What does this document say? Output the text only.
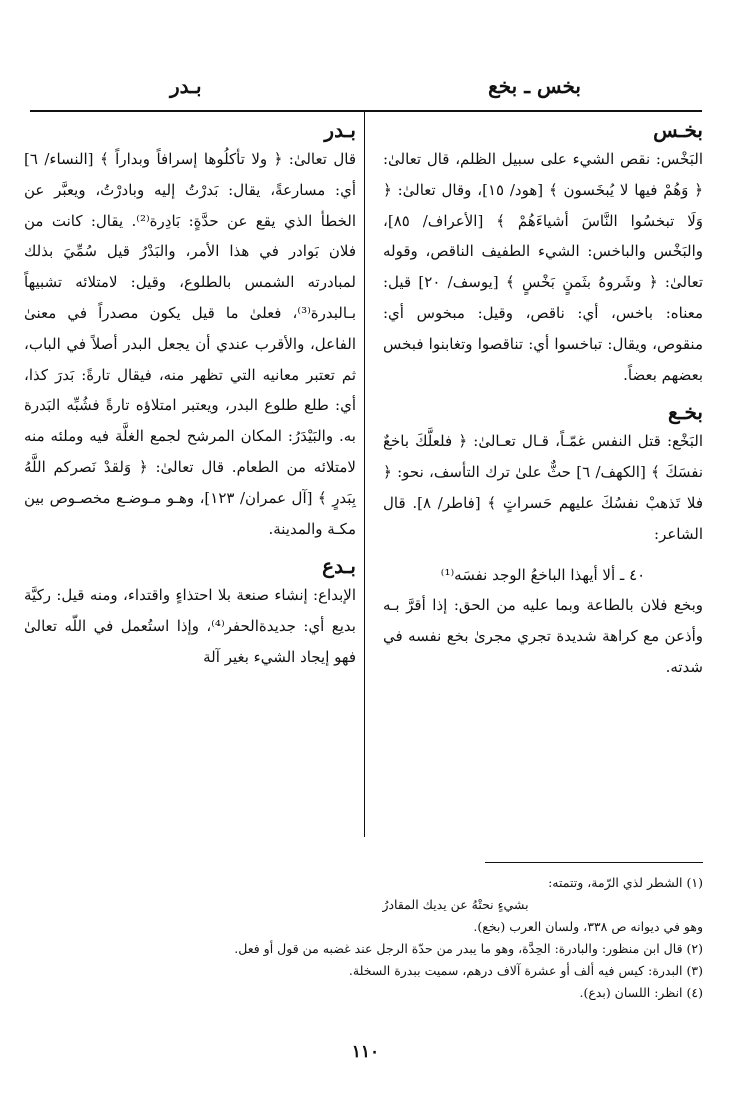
بخس ـ بخع
بـدر
بخـس

البَخْس: نقص الشيء على سبيل الظلم، قال تعالىٰ: ﴿ وَهُمْ فيها لا يُبخَسون ﴾ [هود/ ١٥]، وقال تعالىٰ: ﴿ وَلَا تبخسُوا النَّاسَ أشياءَهُمْ ﴾ [الأعراف/ ٨٥]، والبَخْس والباخس: الشيء الطفيف الناقص، وقوله تعالىٰ: ﴿ وشَروهُ بثَمنٍ بَخْسٍ ﴾ [يوسف/ ٢٠] قيل: معناه: باخس، أي: ناقص، وقيل: مبخوس أي: منقوص، ويقال: تباخسوا أي: تناقصوا وتغابنوا فبخس بعضهم بعضاً.

بخـع

البَخْع: قتل النفس غمّـاً، قـال تعـالىٰ: ﴿ فلعلَّكَ باخعٌ نفسَكَ ﴾ [الكهف/ ٦] حثٌّ علىٰ ترك التأسف، نحو: ﴿ فلا تَذهبْ نفسُكَ عليهم حَسراتٍ ﴾ [فاطر/ ٨]. قال الشاعر:

٤٠ ـ ألا أيهذا الباخعُ الوجد نفسَه⁽¹⁾

وبخع فلان بالطاعة وبما عليه من الحق: إذا أقرَّ بـه وأذعن مع كراهة شديدة تجري مجرىٰ بخع نفسه في شدته.

بـدر

قال تعالىٰ: ﴿ ولا تأكلُوها إسرافاً وبداراً ﴾ [النساء/ ٦] أي: مسارعةً، يقال: بَدرْتُ إليه وبادرْتُ، ويعبَّر عن الخطأ الذي يقع عن حدَّةٍ: بَادِرة⁽²⁾. يقال: كانت من فلان بَوادر في هذا الأمر، والبَدْرُ قيل سُمِّيَ بذلك لمبادرته الشمس بالطلوع، وقيل: لامتلائه تشبيهاً بـالبدرة⁽³⁾، فعلىٰ ما قيل يكون مصدراً في معنىٰ الفاعل، والأقرب عندي أن يجعل البدر أصلاً في الباب، ثم تعتبر معانيه التي تظهر منه، فيقال تارةً: بَدرَ كذا، أي: طلع طلوع البدر، ويعتبر امتلاؤه تارةً فشُبِّه البَدرة به. والبَيْدَرُ: المكان المرشح لجمع الغلَّة فيه وملئه منه لامتلائه من الطعام. قال تعالىٰ: ﴿ وَلقدْ نَصركم اللَّهُ بِبَدرٍ ﴾ [آل عمران/ ١٢٣]، وهـو مـوضـع مخصـوص بين مكـة والمدينة.

بـدع

الإبداع: إنشاء صنعة بلا احتذاءٍ واقتداء، ومنه قيل: ركيَّة بديع أي: جديدةالحفر⁽⁴⁾، وإذا استُعمل في اللّه تعالىٰ فهو إيجاد الشيء بغير آلة

(١) الشطر لذي الرّمة، وتتمته:

بشيءٍ نحتْهُ عن يديك المقادرُ

وهو في ديوانه ص ٣٣٨، ولسان العرب (بخع).

(٢) قال ابن منظور: والبادرة: الحِدَّة، وهو ما يبدر من حدّة الرجل عند غضبه من قول أو فعل.

(٣) البدرة: كيس فيه ألف أو عشرة آلاف درهم، سميت ببدرة السخلة.

(٤) انظر: اللسان (بدع).

١١٠
